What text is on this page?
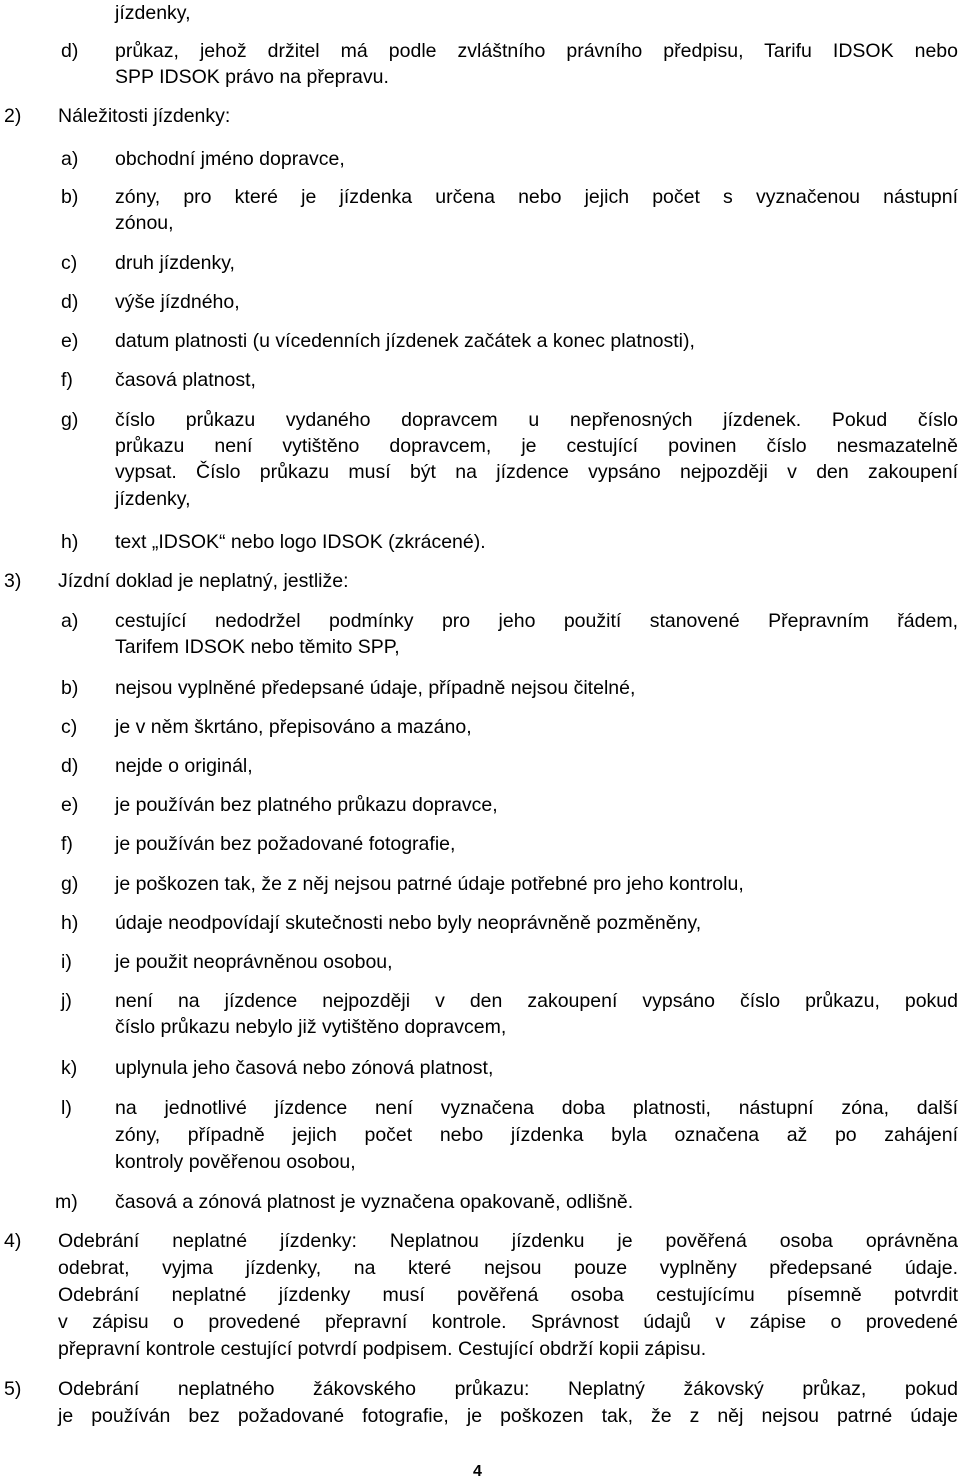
jízdenky,
d) průkaz, jehož držitel má podle zvláštního právního předpisu, Tarifu IDSOK nebo
SPP IDSOK právo na přepravu.
2) Náležitosti jízdenky:
a) obchodní jméno dopravce,
b) zóny, pro které je jízdenka určena nebo jejich počet s vyznačenou nástupní
zónou,
c) druh jízdenky,
d) výše jízdného,
e) datum platnosti (u vícedenních jízdenek začátek a konec platnosti),
f) časová platnost,
g) číslo průkazu vydaného dopravcem u nepřenosných jízdenek. Pokud číslo
průkazu není vytištěno dopravcem, je cestující povinen číslo nesmazatelně
vypsat. Číslo průkazu musí být na jízdence vypsáno nejpozději v den zakoupení
jízdenky,
h) text „IDSOK“ nebo logo IDSOK (zkrácené).
3) Jízdní doklad je neplatný, jestliže:
a) cestující nedodržel podmínky pro jeho použití stanovené Přepravním řádem,
Tarifem IDSOK nebo těmito SPP,
b) nejsou vyplněné předepsané údaje, případně nejsou čitelné,
c) je v něm škrtáno, přepisováno a mazáno,
d) nejde o originál,
e) je používán bez platného průkazu dopravce,
f) je používán bez požadované fotografie,
g) je poškozen tak, že z něj nejsou patrné údaje potřebné pro jeho kontrolu,
h) údaje neodpovídají skutečnosti nebo byly neoprávněně pozměněny,
i) je použit neoprávněnou osobou,
j) není na jízdence nejpozději v den zakoupení vypsáno číslo průkazu, pokud
číslo průkazu nebylo již vytištěno dopravcem,
k) uplynula jeho časová nebo zónová platnost,
l) na jednotlivé jízdence není vyznačena doba platnosti, nástupní zóna, další
zóny, případně jejich počet nebo jízdenka byla označena až po zahájení
kontroly pověřenou osobou,
m) časová a zónová platnost je vyznačena opakovaně, odlišně.
4) Odebrání neplatné jízdenky: Neplatnou jízdenku je pověřená osoba oprávněna
odebrat, vyjma jízdenky, na které nejsou pouze vyplněny předepsané údaje.
Odebrání neplatné jízdenky musí pověřená osoba cestujícímu písemně potvrdit
v zápisu o provedené přepravní kontrole. Správnost údajů v zápise o provedené
přepravní kontrole cestující potvrdí podpisem. Cestující obdrží kopii zápisu.
5) Odebrání neplatného žákovského průkazu: Neplatný žákovský průkaz, pokud
je používán bez požadované fotografie, je poškozen tak, že z něj nejsou patrné údaje
4
